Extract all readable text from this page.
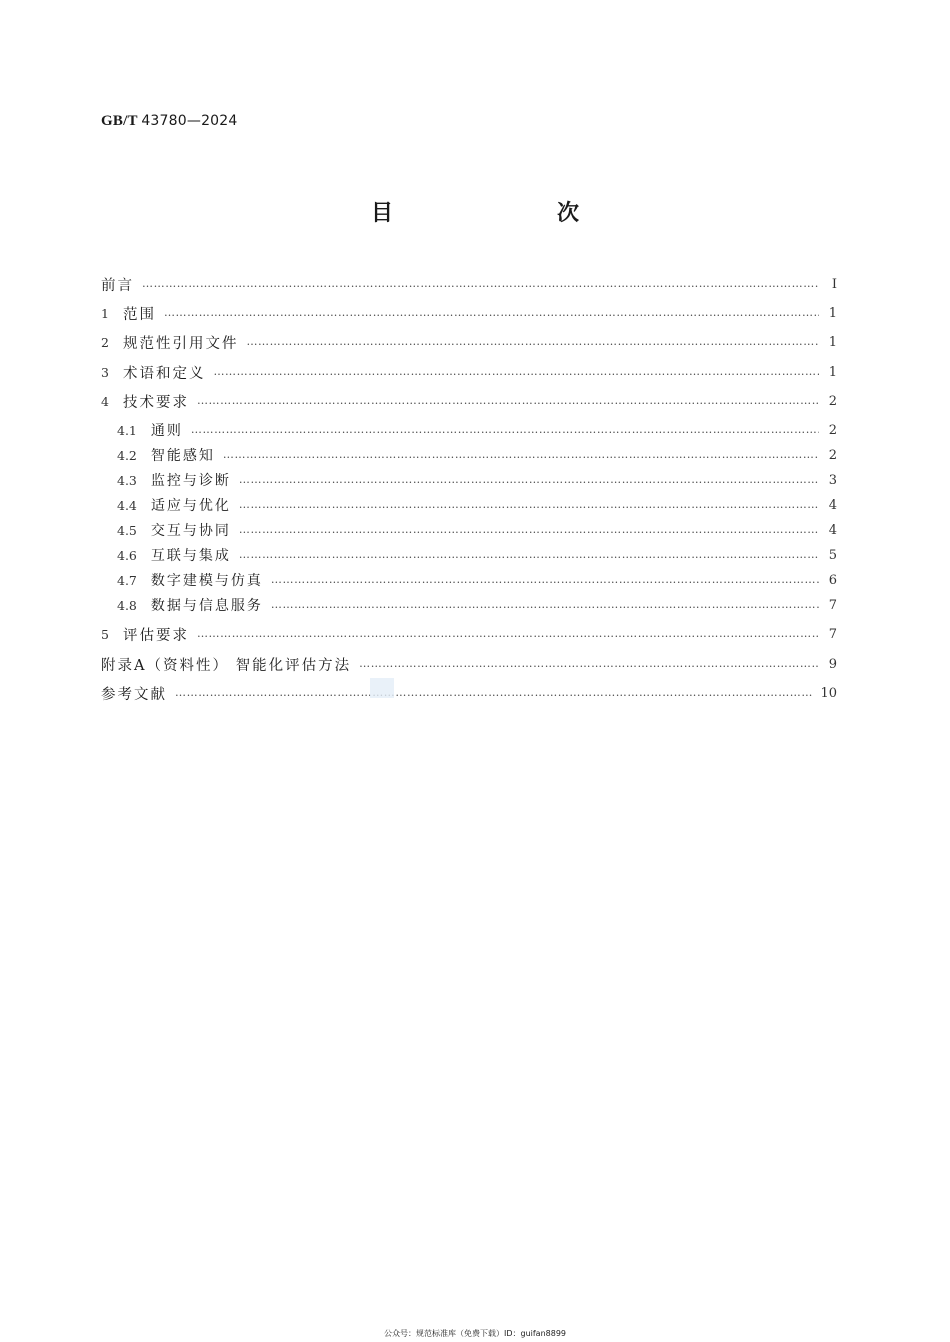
GB/T 43780—2024
目　　次
前言 ……………………………………………………………………………………………………………………………………………………………………………………………………………………………………………………………………	Ⅰ
1 范围 ……………………………………………………………………………………………………………………………………………………………………………………………………………………………………………………………………	1
2 规范性引用文件 ……………………………………………………………………………………………………………………………………………………………………………………………………………………………………………………………………	1
3 术语和定义 ……………………………………………………………………………………………………………………………………………………………………………………………………………………………………………………………………	1
4 技术要求 ……………………………………………………………………………………………………………………………………………………………………………………………………………………………………………………………………	2
4.1 通则 ……………………………………………………………………………………………………………………………………………………………………………………………………………………………………………………………………	2
4.2 智能感知 ……………………………………………………………………………………………………………………………………………………………………………………………………………………………………………………………………	2
4.3 监控与诊断 ……………………………………………………………………………………………………………………………………………………………………………………………………………………………………………………………………	3
4.4 适应与优化 ……………………………………………………………………………………………………………………………………………………………………………………………………………………………………………………………………	4
4.5 交互与协同 ……………………………………………………………………………………………………………………………………………………………………………………………………………………………………………………………………	4
4.6 互联与集成 ……………………………………………………………………………………………………………………………………………………………………………………………………………………………………………………………………	5
4.7 数字建模与仿真 ……………………………………………………………………………………………………………………………………………………………………………………………………………………………………………………………………	6
4.8 数据与信息服务 ……………………………………………………………………………………………………………………………………………………………………………………………………………………………………………………………………	7
5 评估要求 ……………………………………………………………………………………………………………………………………………………………………………………………………………………………………………………………………	7
附录A（资料性） 智能化评估方法 ……………………………………………………………………………………………………………………………………………………………………………………………………………………………………………………………………	9
参考文献 ……………………………………………………………………………………………………………………………………………………………………………………………………………………………………………………………………	10
公众号：规范标准库（免费下载）ID：guifan8899
